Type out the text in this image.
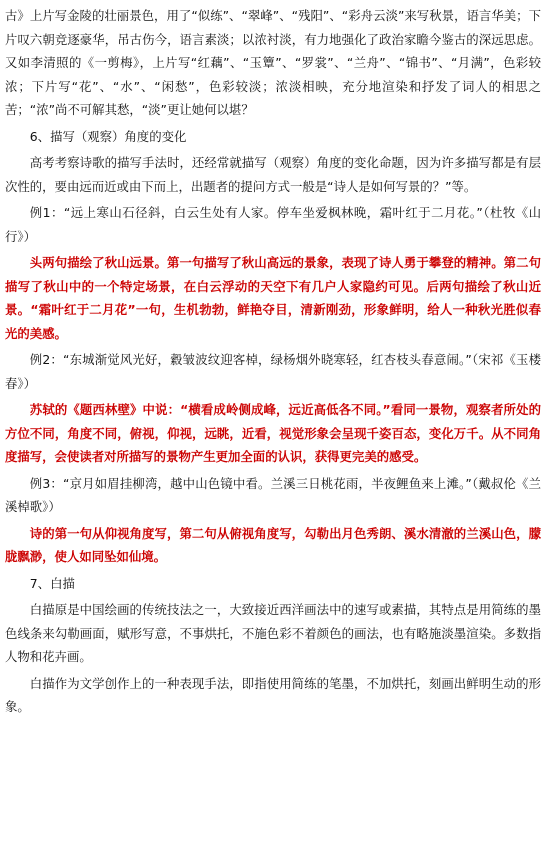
古》上片写金陵的壮丽景色，用了“似练”、“翠峰”、“残阳”、“彩舟云淡”来写秋景，语言华美；下片叹六朝竞逐豪华，吊古伤今，语言素淡；以浓衬淡，有力地强化了政治家瞻今鉴古的深远思虑。又如李清照的《一剪梅》，上片写“红藕”、“玉簟”、“罗裳”、“兰舟”、“锦书”、“月满”，色彩较浓；下片写“花”、“水”、“闲愁”，色彩较淡；浓淡相映，充分地渲染和抒发了词人的相思之苦；“浓”尚不可解其愁，“淡”更让她何以堪？

6、描写（观察）角度的变化

高考考察诗歌的描写手法时，还经常就描写（观察）角度的变化命题，因为许多描写都是有层次性的，要由远而近或由下而上，出题者的提问方式一般是“诗人是如何写景的？”等。

例1：“远上寒山石径斜，白云生处有人家。停车坐爱枫林晚，霜叶红于二月花。”（杜牧《山行》）

头两句描绘了秋山远景。第一句描写了秋山高远的景象，表现了诗人勇于攀登的精神。第二句描写了秋山中的一个特定场景，在白云浮动的天空下有几户人家隐约可见。后两句描绘了秋山近景。“霜叶红于二月花”一句，生机勃勃，鲜艳夺目，清新刚劲，形象鲜明，给人一种秋光胜似春光的美感。

例2：“东城渐觉风光好，縠皱波纹迎客棹，绿杨烟外晓寒轻，红杏枝头春意闹。”（宋祁《玉楼春》）

苏轼的《题西林壁》中说：“横看成岭侧成峰，远近高低各不同。”看同一景物，观察者所处的方位不同，角度不同，俯视，仰视，远眺，近看，视觉形象会呈现千姿百态，变化万千。从不同角度描写，会使读者对所描写的景物产生更加全面的认识，获得更完美的感受。

例3：“京月如眉挂柳湾，越中山色镜中看。兰溪三日桃花雨，半夜鲤鱼来上滩。”（戴叔伦《兰溪棹歌》）

诗的第一句从仰视角度写，第二句从俯视角度写，勾勒出月色秀朗、溪水清澈的兰溪山色，朦胧飘渺，使人如同坠如仙境。

7、白描

白描原是中国绘画的传统技法之一，大致接近西洋画法中的速写或素描，其特点是用简练的墨色线条来勾勒画面，赋形写意，不事烘托，不施色彩不着颜色的画法，也有略施淡墨渲染。多数指人物和花卉画。

白描作为文学创作上的一种表现手法，即指使用简练的笔墨，不加烘托，刻画出鲜明生动的形象。
